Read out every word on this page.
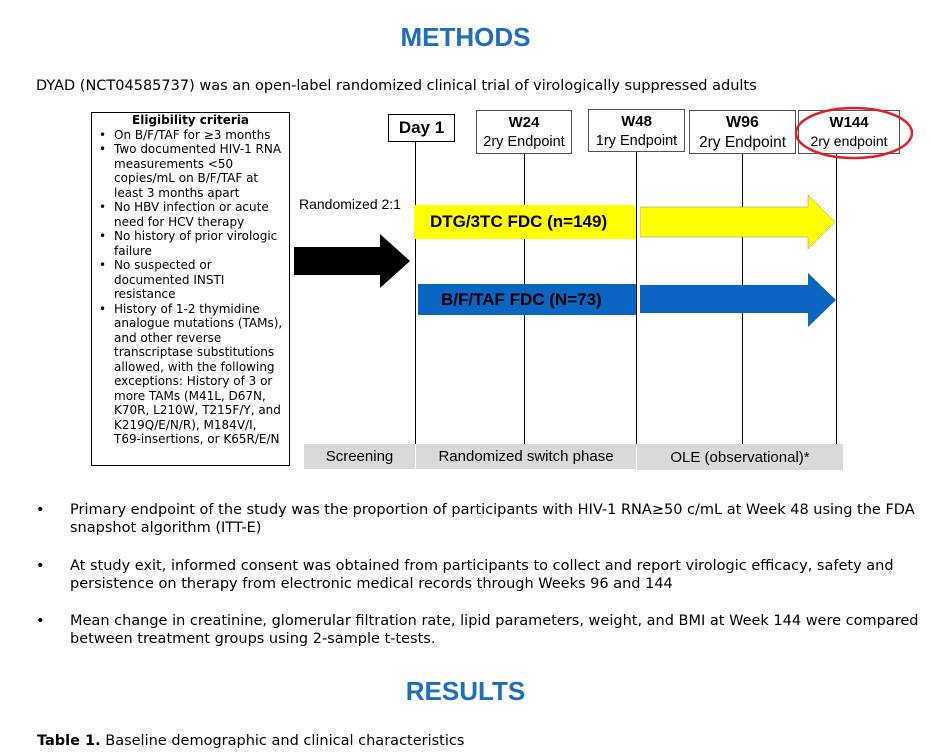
METHODS
DYAD (NCT04585737) was an open-label randomized clinical trial of virologically suppressed adults
Eligibility criteria
• On B/F/TAF for ≥3 months
• Two documented HIV-1 RNA measurements <50 copies/mL on B/F/TAF at least 3 months apart
• No HBV infection or acute need for HCV therapy
• No history of prior virologic failure
• No suspected or documented INSTI resistance
• History of 1-2 thymidine analogue mutations (TAMs), and other reverse transcriptase substitutions allowed, with the following exceptions: History of 3 or more TAMs (M41L, D67N, K70R, L210W, T215F/Y, and K219Q/E/N/R), M184V/I, T69-insertions, or K65R/E/N
Randomized 2:1
Day 1	W24
2ry Endpoint
W48
1ry Endpoint
W96
2ry Endpoint
W144
2ry endpoint
DTG/3TC FDC (n=149)
B/F/TAF FDC (N=73)
Screening	Randomized switch phase	OLE (observational)*
• Primary endpoint of the study was the proportion of participants with HIV-1 RNA≥50 c/mL at Week 48 using the FDA snapshot algorithm (ITT-E)
• At study exit, informed consent was obtained from participants to collect and report virologic efficacy, safety and persistence on therapy from electronic medical records through Weeks 96 and 144
• Mean change in creatinine, glomerular filtration rate, lipid parameters, weight, and BMI at Week 144 were compared between treatment groups using 2-sample t-tests.
RESULTS
Table 1. Baseline demographic and clinical characteristics
